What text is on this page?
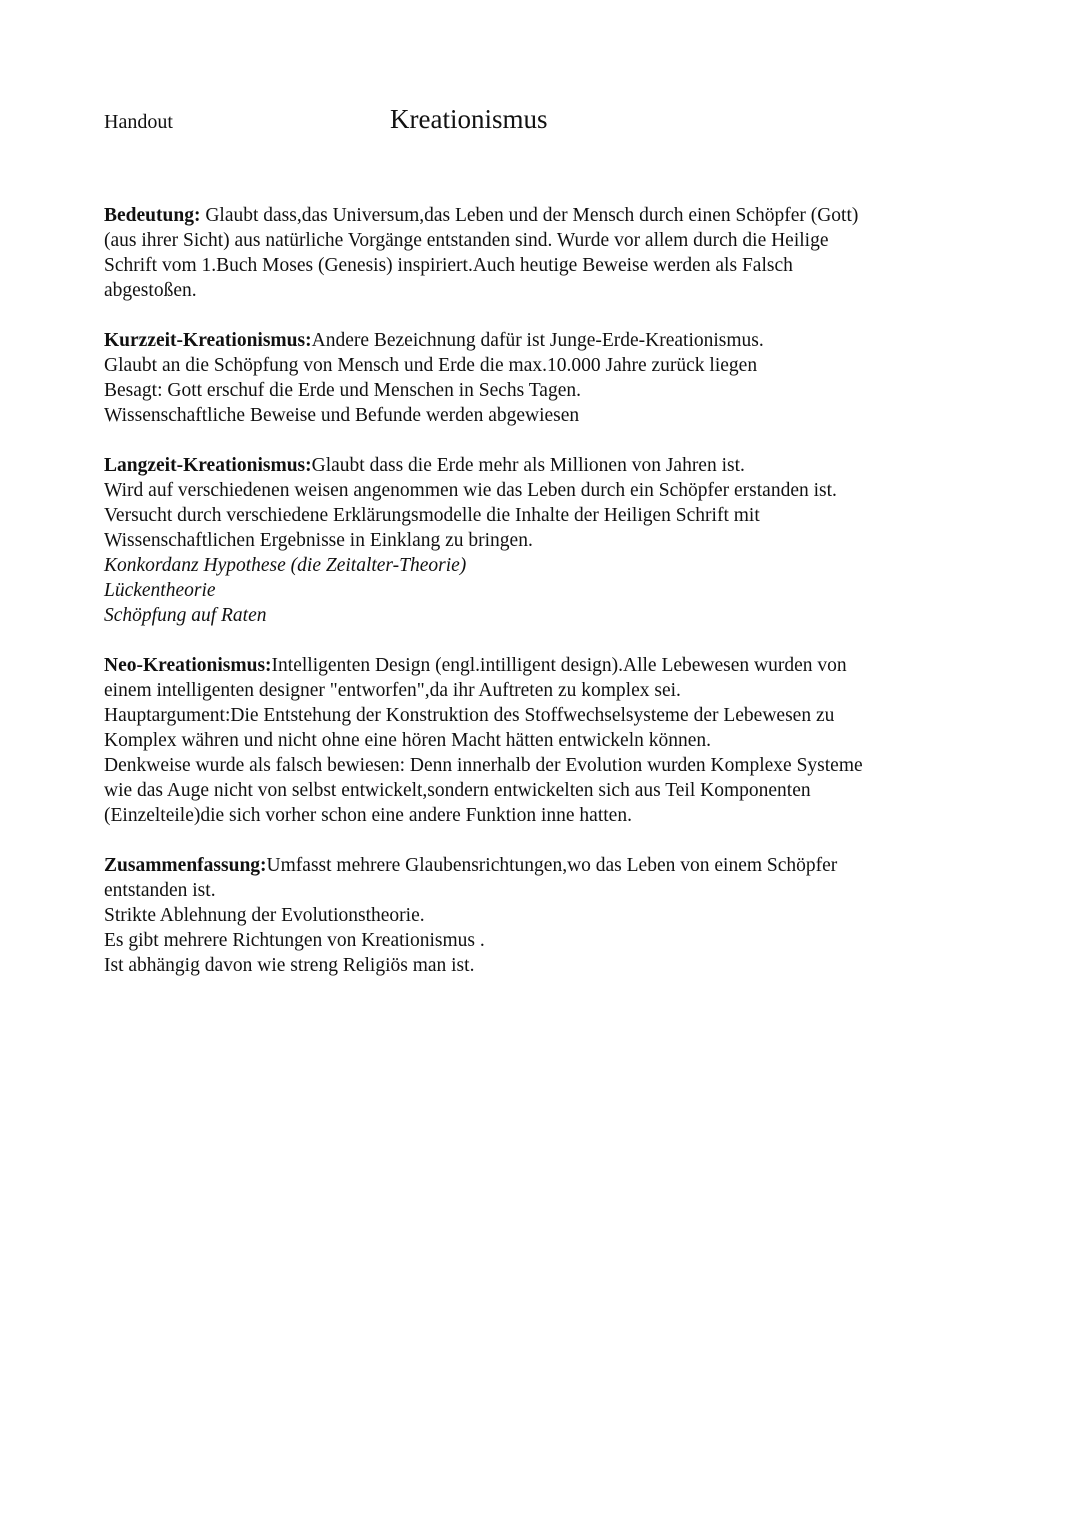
Handout	Kreationismus
Bedeutung: Glaubt dass,das Universum,das Leben und der Mensch durch einen Schöpfer (Gott)
(aus ihrer Sicht) aus natürliche Vorgänge entstanden sind. Wurde vor allem durch die Heilige
Schrift vom 1.Buch Moses (Genesis) inspiriert.Auch heutige Beweise werden als Falsch
abgestoßen.
Kurzzeit-Kreationismus:Andere Bezeichnung dafür ist Junge-Erde-Kreationismus.
Glaubt an die Schöpfung von Mensch und Erde die max.10.000 Jahre zurück liegen
Besagt: Gott erschuf die Erde und Menschen in Sechs Tagen.
Wissenschaftliche Beweise und Befunde werden abgewiesen
Langzeit-Kreationismus:Glaubt dass die Erde mehr als Millionen von Jahren ist.
Wird auf verschiedenen weisen angenommen wie das Leben durch ein Schöpfer erstanden ist.
Versucht durch verschiedene Erklärungsmodelle die Inhalte der Heiligen Schrift mit
Wissenschaftlichen Ergebnisse in Einklang zu bringen.
Konkordanz Hypothese (die Zeitalter-Theorie)
Lückentheorie
Schöpfung auf Raten
Neo-Kreationismus:Intelligenten Design (engl.intilligent design).Alle Lebewesen wurden von
einem intelligenten designer "entworfen",da ihr Auftreten zu komplex sei.
Hauptargument:Die Entstehung der Konstruktion des Stoffwechselsysteme der Lebewesen zu
Komplex währen und nicht ohne eine hören Macht hätten entwickeln können.
Denkweise wurde als falsch bewiesen: Denn innerhalb der Evolution wurden Komplexe Systeme
wie das Auge nicht von selbst entwickelt,sondern entwickelten sich aus Teil Komponenten
(Einzelteile)die sich vorher schon eine andere Funktion inne hatten.
Zusammenfassung:Umfasst mehrere Glaubensrichtungen,wo das Leben von einem Schöpfer
entstanden ist.
Strikte Ablehnung der Evolutionstheorie.
Es gibt mehrere Richtungen von Kreationismus .
Ist abhängig davon wie streng Religiös man ist.
